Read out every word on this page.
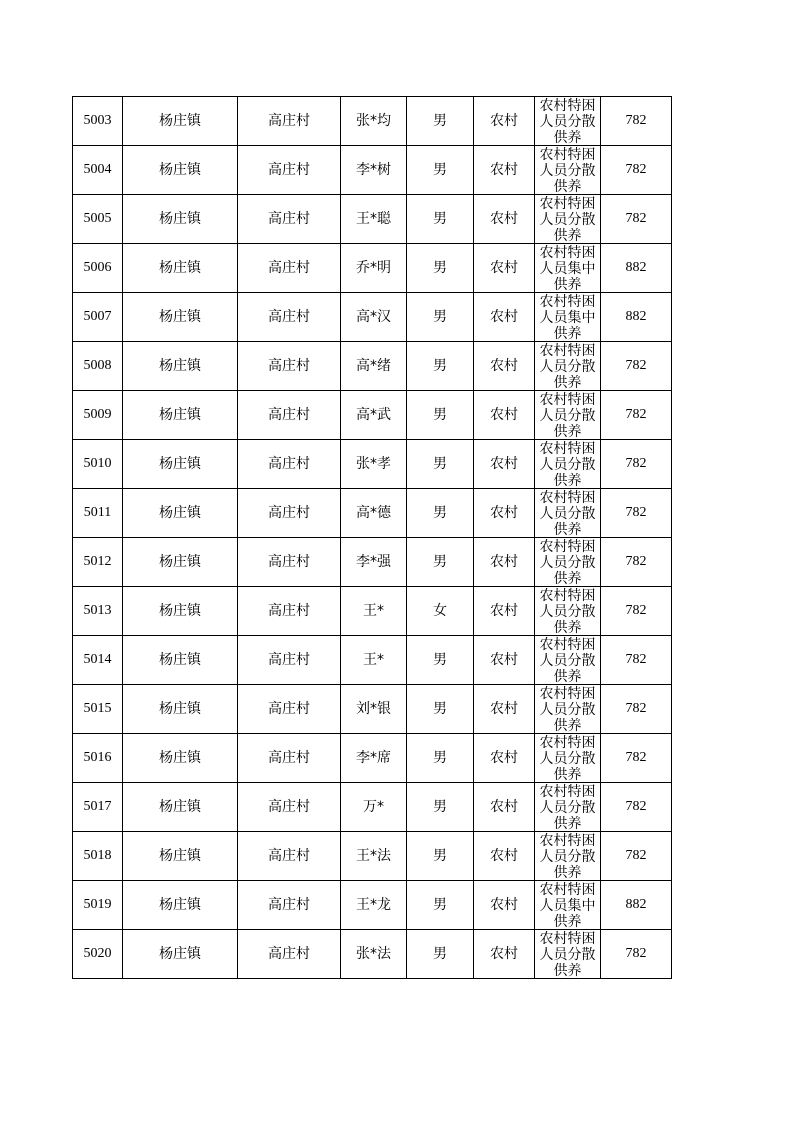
5003	杨庄镇	高庄村	张*均	男	农村	农村特困人员分散供养	782
5004	杨庄镇	高庄村	李*树	男	农村	农村特困人员分散供养	782
5005	杨庄镇	高庄村	王*聪	男	农村	农村特困人员分散供养	782
5006	杨庄镇	高庄村	乔*明	男	农村	农村特困人员集中供养	882
5007	杨庄镇	高庄村	高*汉	男	农村	农村特困人员集中供养	882
5008	杨庄镇	高庄村	高*绪	男	农村	农村特困人员分散供养	782
5009	杨庄镇	高庄村	高*武	男	农村	农村特困人员分散供养	782
5010	杨庄镇	高庄村	张*孝	男	农村	农村特困人员分散供养	782
5011	杨庄镇	高庄村	高*德	男	农村	农村特困人员分散供养	782
5012	杨庄镇	高庄村	李*强	男	农村	农村特困人员分散供养	782
5013	杨庄镇	高庄村	王*	女	农村	农村特困人员分散供养	782
5014	杨庄镇	高庄村	王*	男	农村	农村特困人员分散供养	782
5015	杨庄镇	高庄村	刘*银	男	农村	农村特困人员分散供养	782
5016	杨庄镇	高庄村	李*席	男	农村	农村特困人员分散供养	782
5017	杨庄镇	高庄村	万*	男	农村	农村特困人员分散供养	782
5018	杨庄镇	高庄村	王*法	男	农村	农村特困人员分散供养	782
5019	杨庄镇	高庄村	王*龙	男	农村	农村特困人员集中供养	882
5020	杨庄镇	高庄村	张*法	男	农村	农村特困人员分散供养	782
